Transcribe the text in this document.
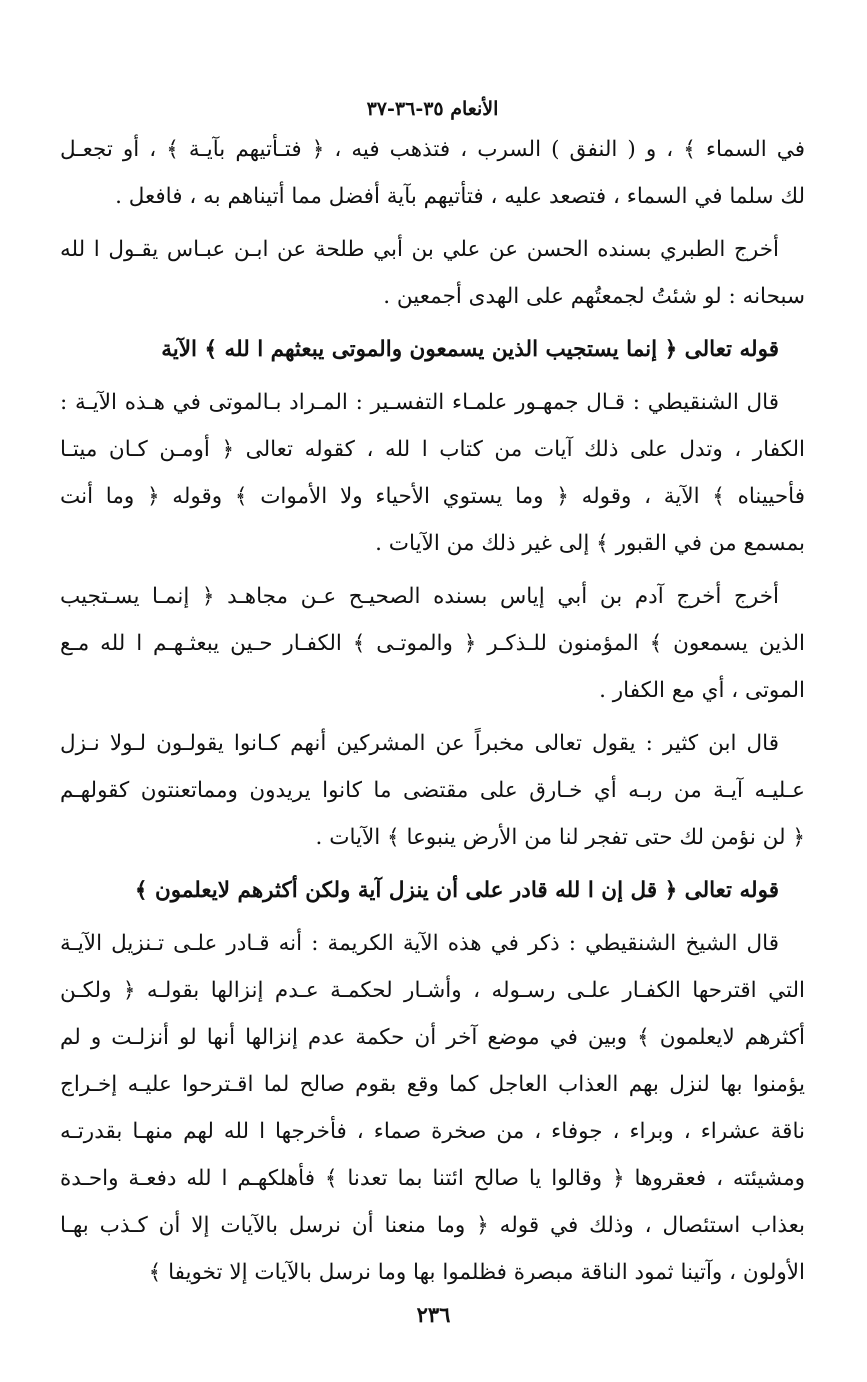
الأنعام ٣٥-٣٦-٣٧
في السماء ﴾ ، و ( النفق ) السرب ، فتذهب فيه ، ﴿ فتـأتيهم بآيـة ﴾ ، أو تجعـل
لك سلما في السماء ، فتصعد عليه ، فتأتيهم بآية أفضل مما أتيناهم به ، فافعل .
أخرج الطبري بسنده الحسن عن علي بن أبي طلحة عن ابـن عبـاس يقـول ا لله
سبحانه : لو شئتُ لجمعتُهم على الهدى أجمعين .
قوله تعالى ﴿ إنما يستجيب الذين يسمعون والموتى يبعثهم ا لله ﴾ الآية
قال الشنقيطي : قـال جمهـور علمـاء التفسـير : المـراد بـالموتى في هـذه الآيـة :
الكفار ، وتدل على ذلك آيات من كتاب ا لله ، كقوله تعالى ﴿ أومـن كـان ميتـا
فأحييناه ﴾ الآية ، وقوله ﴿ وما يستوي الأحياء ولا الأموات ﴾ وقوله ﴿ وما أنت
بمسمع من في القبور ﴾ إلى غير ذلك من الآيات .
أخرج أخرج آدم بن أبي إياس بسنده الصحيـح عـن مجاهـد ﴿ إنمـا يسـتجيب
الذين يسمعون ﴾ المؤمنون للـذكـر ﴿ والموتـى ﴾ الكفـار حـين يبعثـهـم ا لله مـع
الموتى ، أي مع الكفار .
قال ابن كثير : يقول تعالى مخبراً عن المشركين أنهم كـانوا يقولـون لـولا نـزل
عـليـه آيـة من ربـه أي خـارق على مقتضى ما كانوا يريدون ومماتعنتون كقولهـم
﴿ لن نؤمن لك حتى تفجر لنا من الأرض ينبوعا ﴾ الآيات .
قوله تعالى ﴿ قل إن ا لله قادر على أن ينزل آية ولكن أكثرهم لايعلمون ﴾
قال الشيخ الشنقيطي : ذكر في هذه الآية الكريمة : أنه قـادر علـى تـنزيل الآيـة
التي اقترحها الكفـار علـى رسـوله ، وأشـار لحكمـة عـدم إنزالها بقولـه ﴿ ولكـن
أكثرهم لايعلمون ﴾ وبين في موضع آخر أن حكمة عدم إنزالها أنها لو أنزلـت و لم
يؤمنوا بها لنزل بهم العذاب العاجل كما وقع بقوم صالح لما اقـترحوا عليـه إخـراج
ناقة عشراء ، وبراء ، جوفاء ، من صخرة صماء ، فأخرجها ا لله لهم منهـا بقدرتـه
ومشيئته ، فعقروها ﴿ وقالوا يا صالح ائتنا بما تعدنا ﴾ فأهلكهـم ا لله دفعـة واحـدة
بعذاب استئصال ، وذلك في قوله ﴿ وما منعنا أن نرسل بالآيات إلا أن كـذب بهـا
الأولون ، وآتينا ثمود الناقة مبصرة فظلموا بها وما نرسل بالآيات إلا تخويفا ﴾
٢٣٦
